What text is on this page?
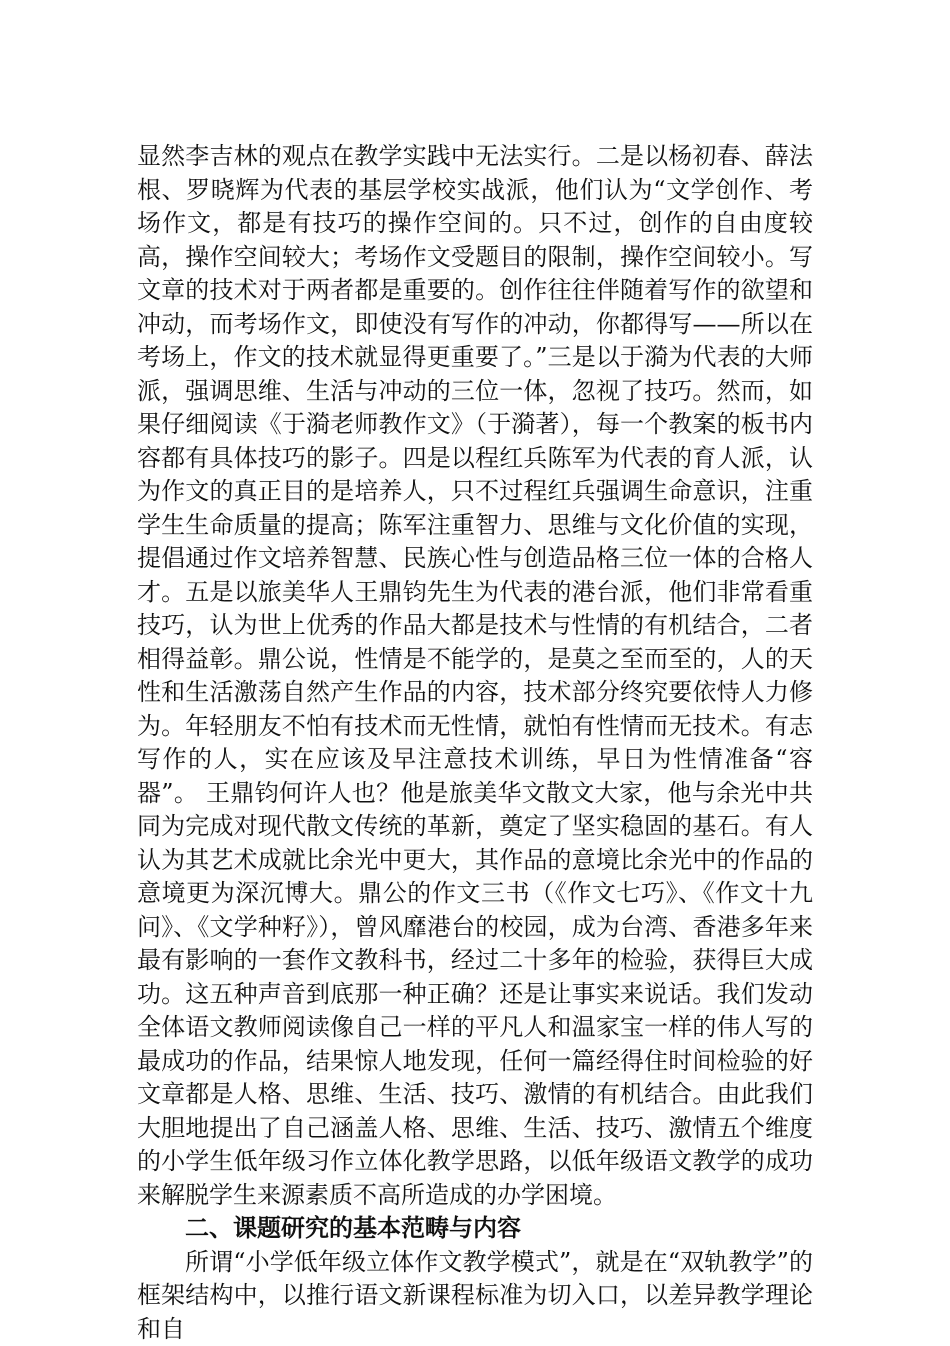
显然李吉林的观点在教学实践中无法实行。二是以杨初春、薛法根、罗晓辉为代表的基层学校实战派，他们认为“文学创作、考场作文，都是有技巧的操作空间的。只不过，创作的自由度较高，操作空间较大；考场作文受题目的限制，操作空间较小。写文章的技术对于两者都是重要的。创作往往伴随着写作的欲望和冲动，而考场作文，即使没有写作的冲动，你都得写——所以在考场上，作文的技术就显得更重要了。”三是以于漪为代表的大师派，强调思维、生活与冲动的三位一体，忽视了技巧。然而，如果仔细阅读《于漪老师教作文》（于漪著），每一个教案的板书内容都有具体技巧的影子。四是以程红兵陈军为代表的育人派，认为作文的真正目的是培养人，只不过程红兵强调生命意识，注重学生生命质量的提高；陈军注重智力、思维与文化价值的实现，提倡通过作文培养智慧、民族心性与创造品格三位一体的合格人才。五是以旅美华人王鼎钧先生为代表的港台派，他们非常看重技巧，认为世上优秀的作品大都是技术与性情的有机结合，二者相得益彰。鼎公说，性情是不能学的，是莫之至而至的，人的天性和生活激荡自然产生作品的内容，技术部分终究要依恃人力修为。年轻朋友不怕有技术而无性情，就怕有性情而无技术。有志写作的人，实在应该及早注意技术训练，早日为性情准备“容器”。 王鼎钧何许人也？他是旅美华文散文大家，他与余光中共同为完成对现代散文传统的革新，奠定了坚实稳固的基石。有人认为其艺术成就比余光中更大，其作品的意境比余光中的作品的意境更为深沉博大。鼎公的作文三书（《作文七巧》、《作文十九问》、《文学种籽》），曾风靡港台的校园，成为台湾、香港多年来最有影响的一套作文教科书，经过二十多年的检验，获得巨大成功。这五种声音到底那一种正确？还是让事实来说话。我们发动全体语文教师阅读像自己一样的平凡人和温家宝一样的伟人写的最成功的作品，结果惊人地发现，任何一篇经得住时间检验的好文章都是人格、思维、生活、技巧、激情的有机结合。由此我们大胆地提出了自己涵盖人格、思维、生活、技巧、激情五个维度的小学生低年级习作立体化教学思路，以低年级语文教学的成功来解脱学生来源素质不高所造成的办学困境。

二、课题研究的基本范畴与内容

所谓“小学低年级立体作文教学模式”，就是在“双轨教学”的框架结构中，以推行语文新课程标准为切入口，以差异教学理论和自
